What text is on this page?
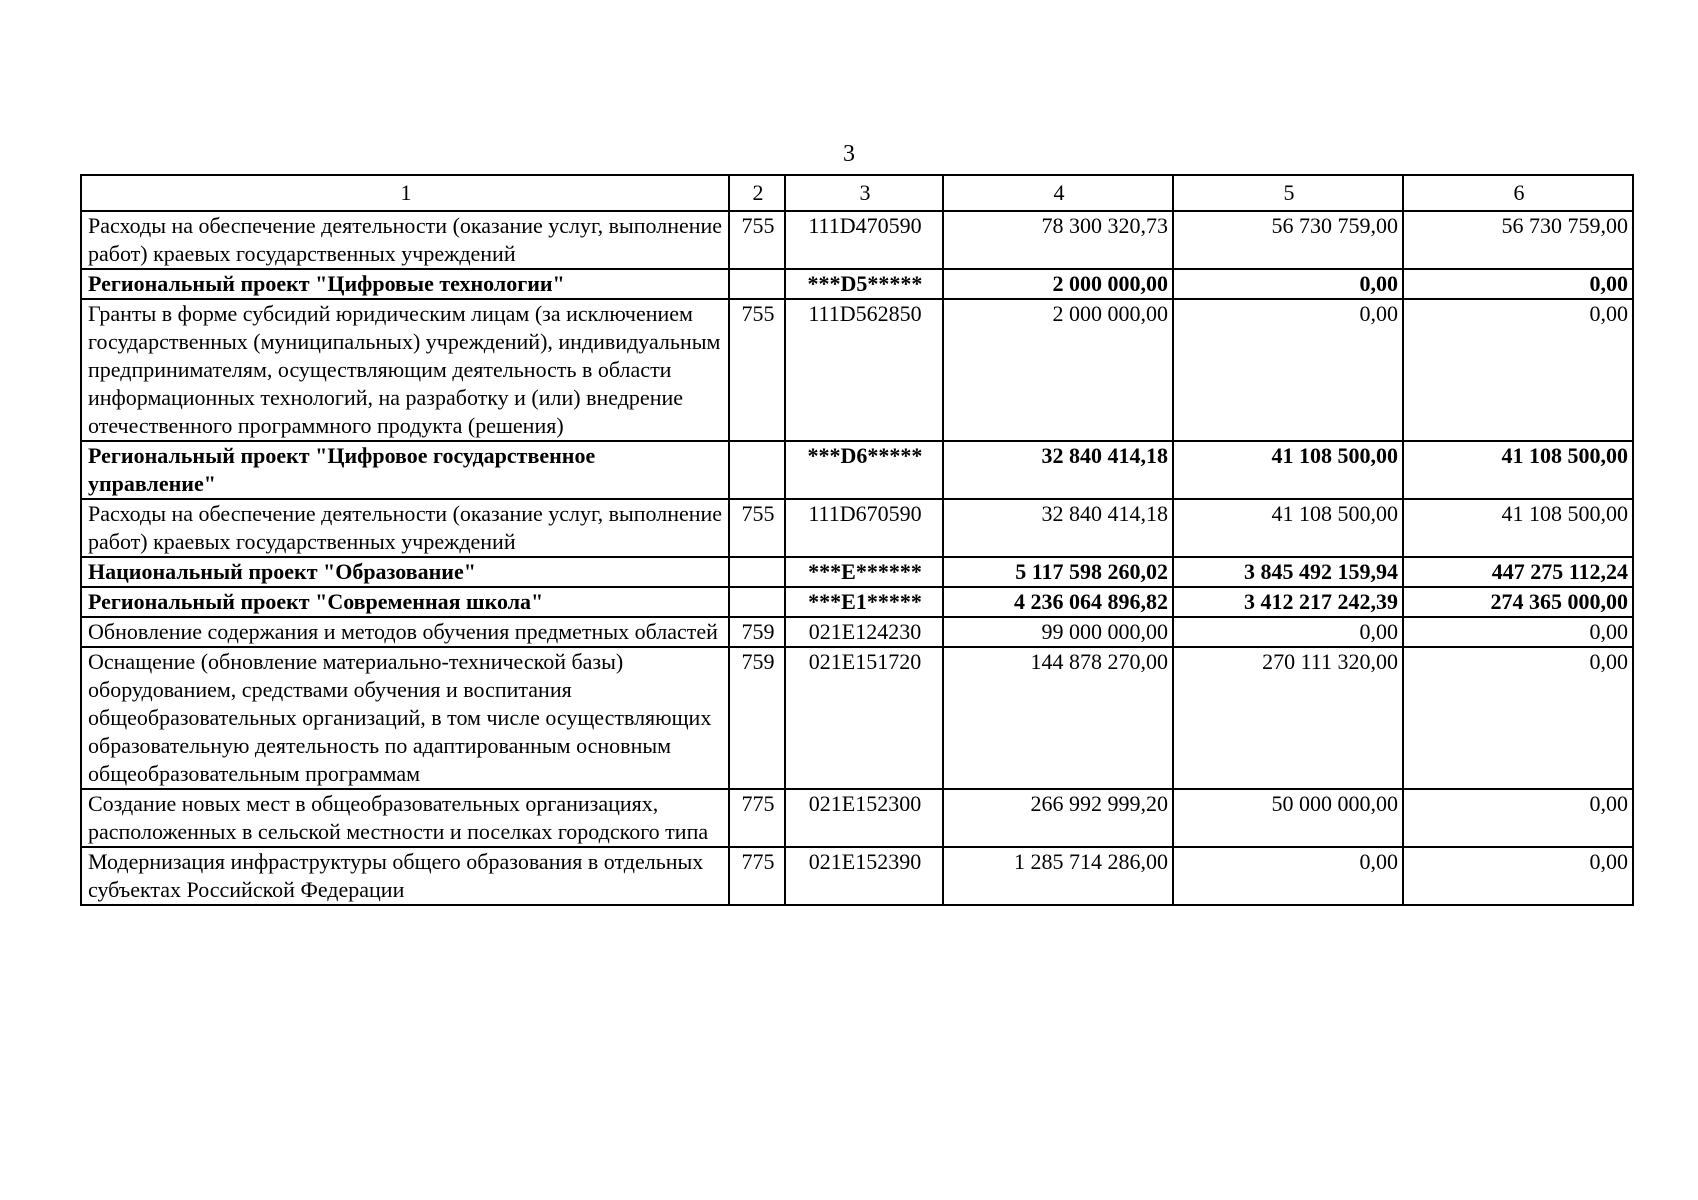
3
1	2	3	4	5	6
Расходы на обеспечение деятельности (оказание услуг, выполнение работ) краевых государственных учреждений	755	111D470590	78 300 320,73	56 730 759,00	56 730 759,00
Региональный проект "Цифровые технологии"		***D5*****	2 000 000,00	0,00	0,00
Гранты в форме субсидий юридическим лицам (за исключением государственных (муниципальных) учреждений), индивидуальным предпринимателям, осуществляющим деятельность в области информационных технологий, на разработку и (или) внедрение отечественного программного продукта (решения)	755	111D562850	2 000 000,00	0,00	0,00
Региональный проект "Цифровое государственное управление"		***D6*****	32 840 414,18	41 108 500,00	41 108 500,00
Расходы на обеспечение деятельности (оказание услуг, выполнение работ) краевых государственных учреждений	755	111D670590	32 840 414,18	41 108 500,00	41 108 500,00
Национальный проект "Образование"		***E******	5 117 598 260,02	3 845 492 159,94	447 275 112,24
Региональный проект "Современная школа"		***E1*****	4 236 064 896,82	3 412 217 242,39	274 365 000,00
Обновление содержания и методов обучения предметных областей	759	021E124230	99 000 000,00	0,00	0,00
Оснащение (обновление материально-технической базы) оборудованием, средствами обучения и воспитания общеобразовательных организаций, в том числе осуществляющих образовательную деятельность по адаптированным основным общеобразовательным программам	759	021E151720	144 878 270,00	270 111 320,00	0,00
Создание новых мест в общеобразовательных организациях, расположенных в сельской местности и поселках городского типа	775	021E152300	266 992 999,20	50 000 000,00	0,00
Модернизация инфраструктуры общего образования в отдельных субъектах Российской Федерации	775	021E152390	1 285 714 286,00	0,00	0,00
